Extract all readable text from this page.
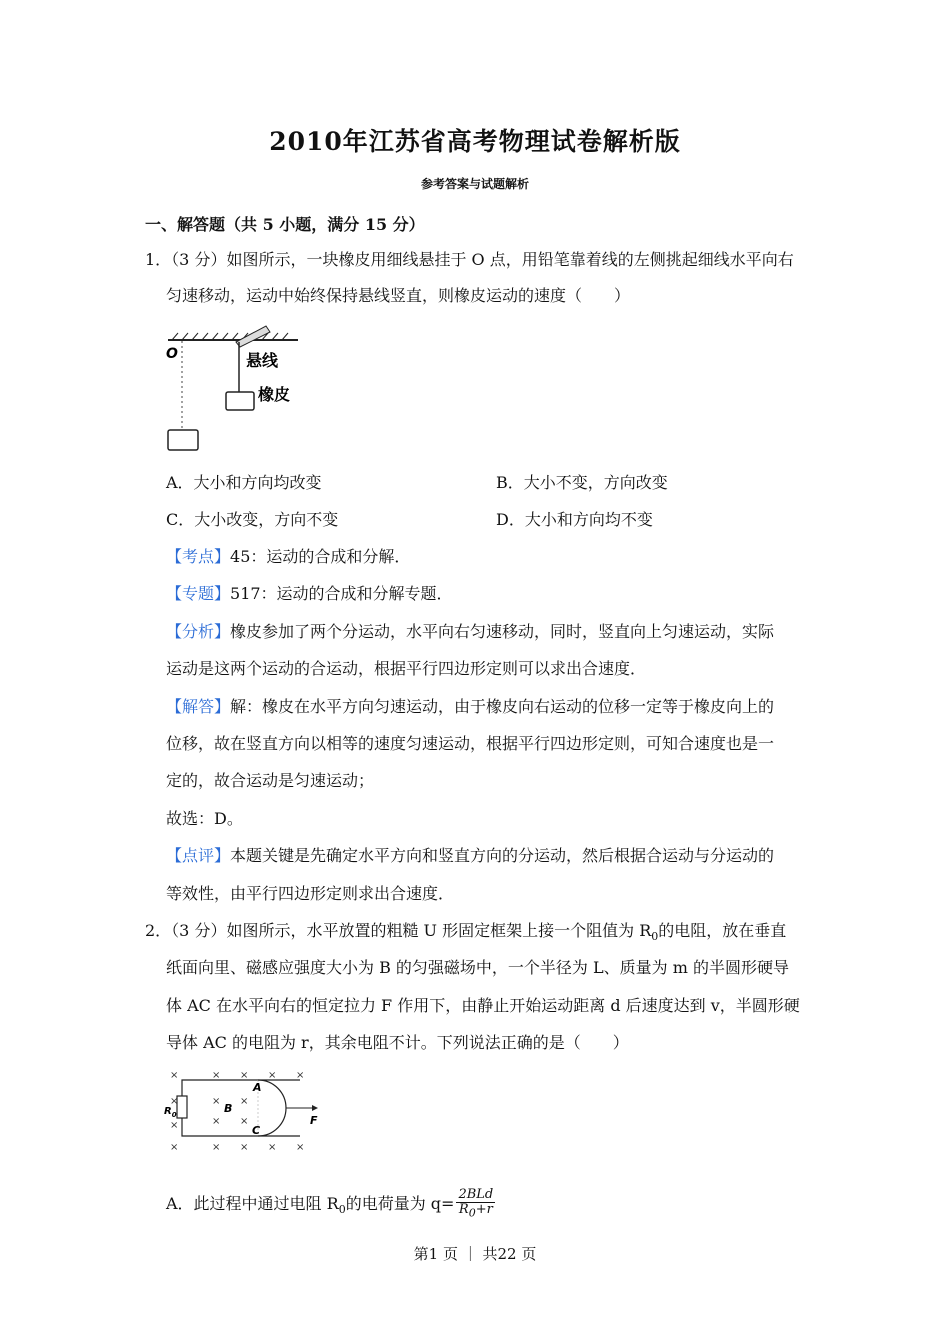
2010年江苏省高考物理试卷解析版
参考答案与试题解析
一、解答题（共 5 小题，满分 15 分）
1．（3 分）如图所示，一块橡皮用细线悬挂于 O 点，用铅笔靠着线的左侧挑起细线水平向右
匀速移动，运动中始终保持悬线竖直，则橡皮运动的速度（　　）
O	悬线
橡皮
A．大小和方向均改变	B．大小不变，方向改变
C．大小改变，方向不变	D．大小和方向均不变
【考点】45：运动的合成和分解．
【专题】517：运动的合成和分解专题．
【分析】橡皮参加了两个分运动，水平向右匀速移动，同时，竖直向上匀速运动，实际
运动是这两个运动的合运动，根据平行四边形定则可以求出合速度．
【解答】解：橡皮在水平方向匀速运动，由于橡皮向右运动的位移一定等于橡皮向上的
位移，故在竖直方向以相等的速度匀速运动，根据平行四边形定则，可知合速度也是一
定的，故合运动是匀速运动；
故选：D。
【点评】本题关键是先确定水平方向和竖直方向的分运动，然后根据合运动与分运动的
等效性，由平行四边形定则求出合速度．
2．（3 分）如图所示，水平放置的粗糙 U 形固定框架上接一个阻值为 $R_0$的电阻，放在垂直
纸面向里、磁感应强度大小为 B 的匀强磁场中，一个半径为 L、质量为 m 的半圆形硬导
体 AC 在水平向右的恒定拉力 F 作用下，由静止开始运动距离 d 后速度达到 v，半圆形硬
导体 AC 的电阻为 r，其余电阻不计。下列说法正确的是（　　）
×	× × × ×
× ×
× ×
×	× × × ×
×
×
A
B
C
F
$R_0$
A．此过程中通过电阻 $R_0$的电荷量为 $q= \frac{\text{2BLd}}{R_0+r}$
第1 页 ｜ 共22 页
